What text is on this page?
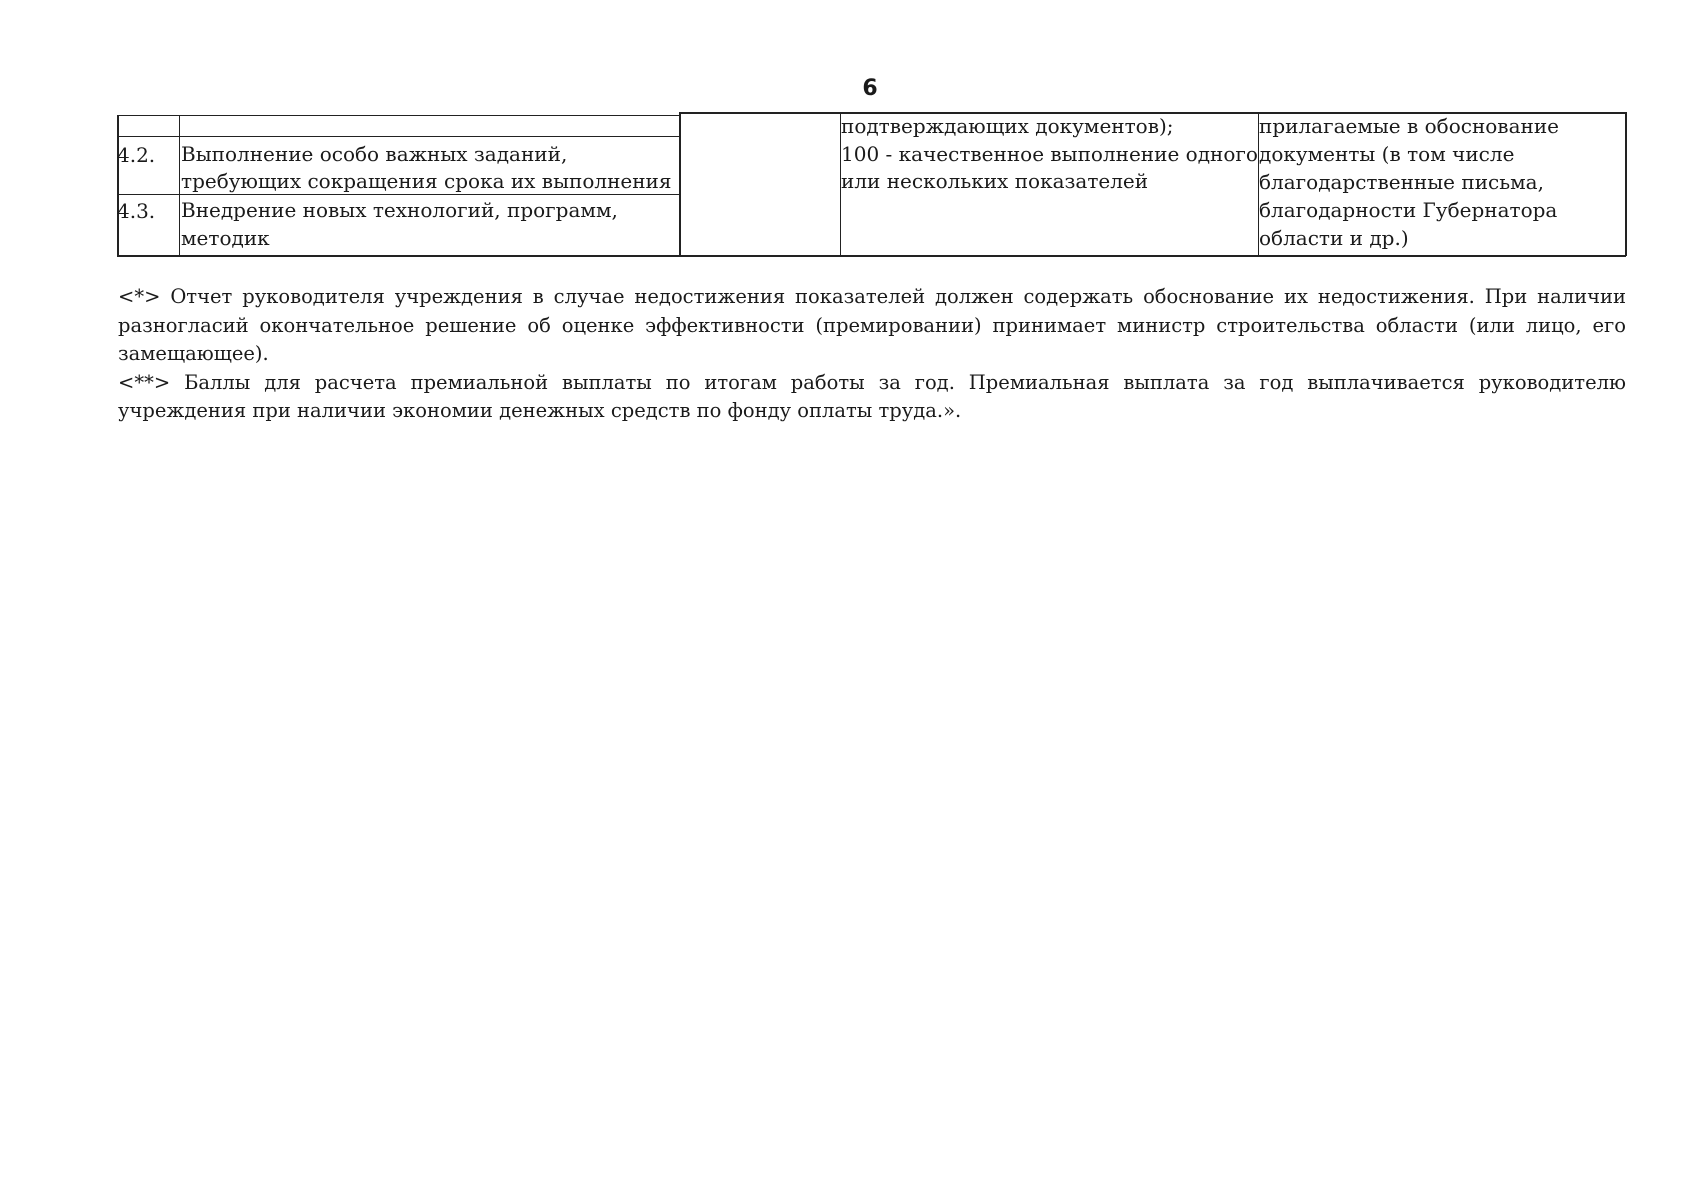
6
4.2. Выполнение особо важных заданий,
требующих сокращения срока их выполнения
4.3. Внедрение новых технологий, программ,
методик
подтверждающих документов);
100 - качественное выполнение одного
или нескольких показателей
прилагаемые в обоснование
документы (в том числе
благодарственные письма,
благодарности Губернатора
области и др.)

<*> Отчет руководителя учреждения в случае недостижения показателей должен содержать обоснование их недостижения. При наличии разногласий окончательное решение об оценке эффективности (премировании) принимает министр строительства области (или лицо, его замещающее).

<**> Баллы для расчета премиальной выплаты по итогам работы за год. Премиальная выплата за год выплачивается руководителю учреждения при наличии экономии денежных средств по фонду оплаты труда.».
